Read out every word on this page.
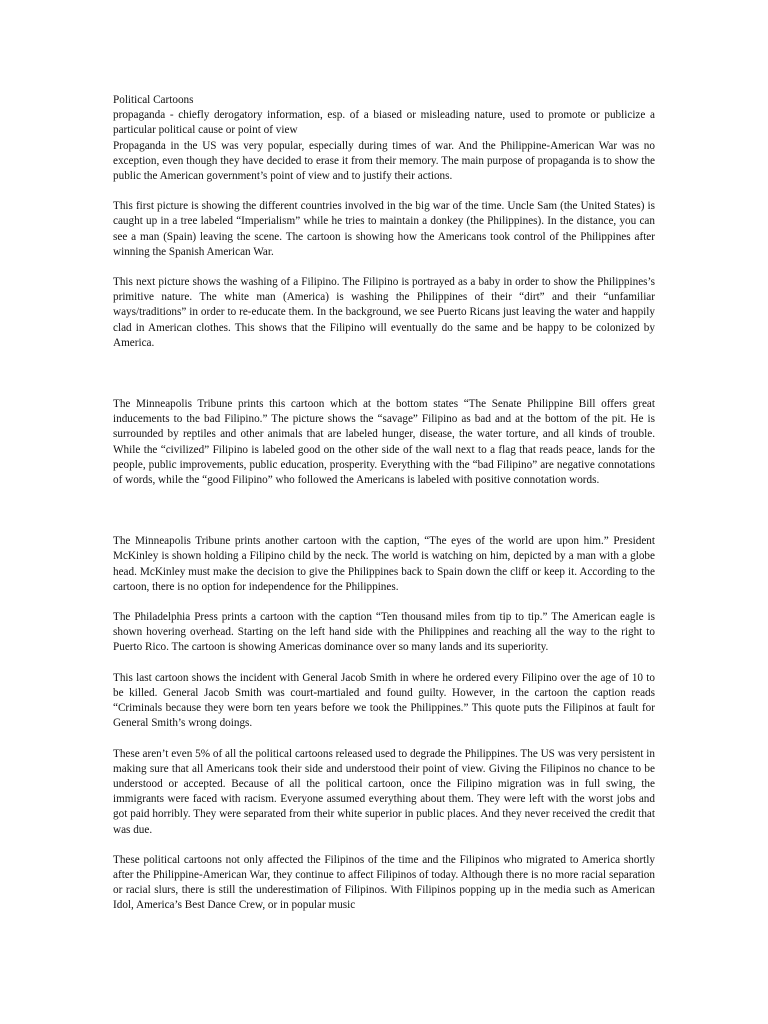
Political Cartoons

propaganda - chiefly derogatory information, esp. of a biased or misleading nature, used to promote or publicize a particular political cause or point of view

Propaganda in the US was very popular, especially during times of war. And the Philippine-American War was no exception, even though they have decided to erase it from their memory. The main purpose of propaganda is to show the public the American government’s point of view and to justify their actions.

This first picture is showing the different countries involved in the big war of the time. Uncle Sam (the United States) is caught up in a tree labeled “Imperialism” while he tries to maintain a donkey (the Philippines). In the distance, you can see a man (Spain) leaving the scene. The cartoon is showing how the Americans took control of the Philippines after winning the Spanish American War.

This next picture shows the washing of a Filipino. The Filipino is portrayed as a baby in order to show the Philippines’s primitive nature. The white man (America) is washing the Philippines of their “dirt” and their “unfamiliar ways/traditions” in order to re-educate them. In the background, we see Puerto Ricans just leaving the water and happily clad in American clothes. This shows that the Filipino will eventually do the same and be happy to be colonized by America.

The Minneapolis Tribune prints this cartoon which at the bottom states “The Senate Philippine Bill offers great inducements to the bad Filipino.” The picture shows the “savage” Filipino as bad and at the bottom of the pit. He is surrounded by reptiles and other animals that are labeled hunger, disease, the water torture, and all kinds of trouble. While the “civilized” Filipino is labeled good on the other side of the wall next to a flag that reads peace, lands for the people, public improvements, public education, prosperity. Everything with the “bad Filipino” are negative connotations of words, while the “good Filipino” who followed the Americans is labeled with positive connotation words.

The Minneapolis Tribune prints another cartoon with the caption, “The eyes of the world are upon him.” President McKinley is shown holding a Filipino child by the neck. The world is watching on him, depicted by a man with a globe head. McKinley must make the decision to give the Philippines back to Spain down the cliff or keep it. According to the cartoon, there is no option for independence for the Philippines.

The Philadelphia Press prints a cartoon with the caption “Ten thousand miles from tip to tip.” The American eagle is shown hovering overhead. Starting on the left hand side with the Philippines and reaching all the way to the right to Puerto Rico. The cartoon is showing Americas dominance over so many lands and its superiority.

This last cartoon shows the incident with General Jacob Smith in where he ordered every Filipino over the age of 10 to be killed. General Jacob Smith was court-martialed and found guilty. However, in the cartoon the caption reads “Criminals because they were born ten years before we took the Philippines.” This quote puts the Filipinos at fault for General Smith’s wrong doings.

These aren’t even 5% of all the political cartoons released used to degrade the Philippines. The US was very persistent in making sure that all Americans took their side and understood their point of view. Giving the Filipinos no chance to be understood or accepted. Because of all the political cartoon, once the Filipino migration was in full swing, the immigrants were faced with racism. Everyone assumed everything about them. They were left with the worst jobs and got paid horribly. They were separated from their white superior in public places. And they never received the credit that was due.

These political cartoons not only affected the Filipinos of the time and the Filipinos who migrated to America shortly after the Philippine-American War, they continue to affect Filipinos of today. Although there is no more racial separation or racial slurs, there is still the underestimation of Filipinos. With Filipinos popping up in the media such as American Idol, America’s Best Dance Crew, or in popular music
